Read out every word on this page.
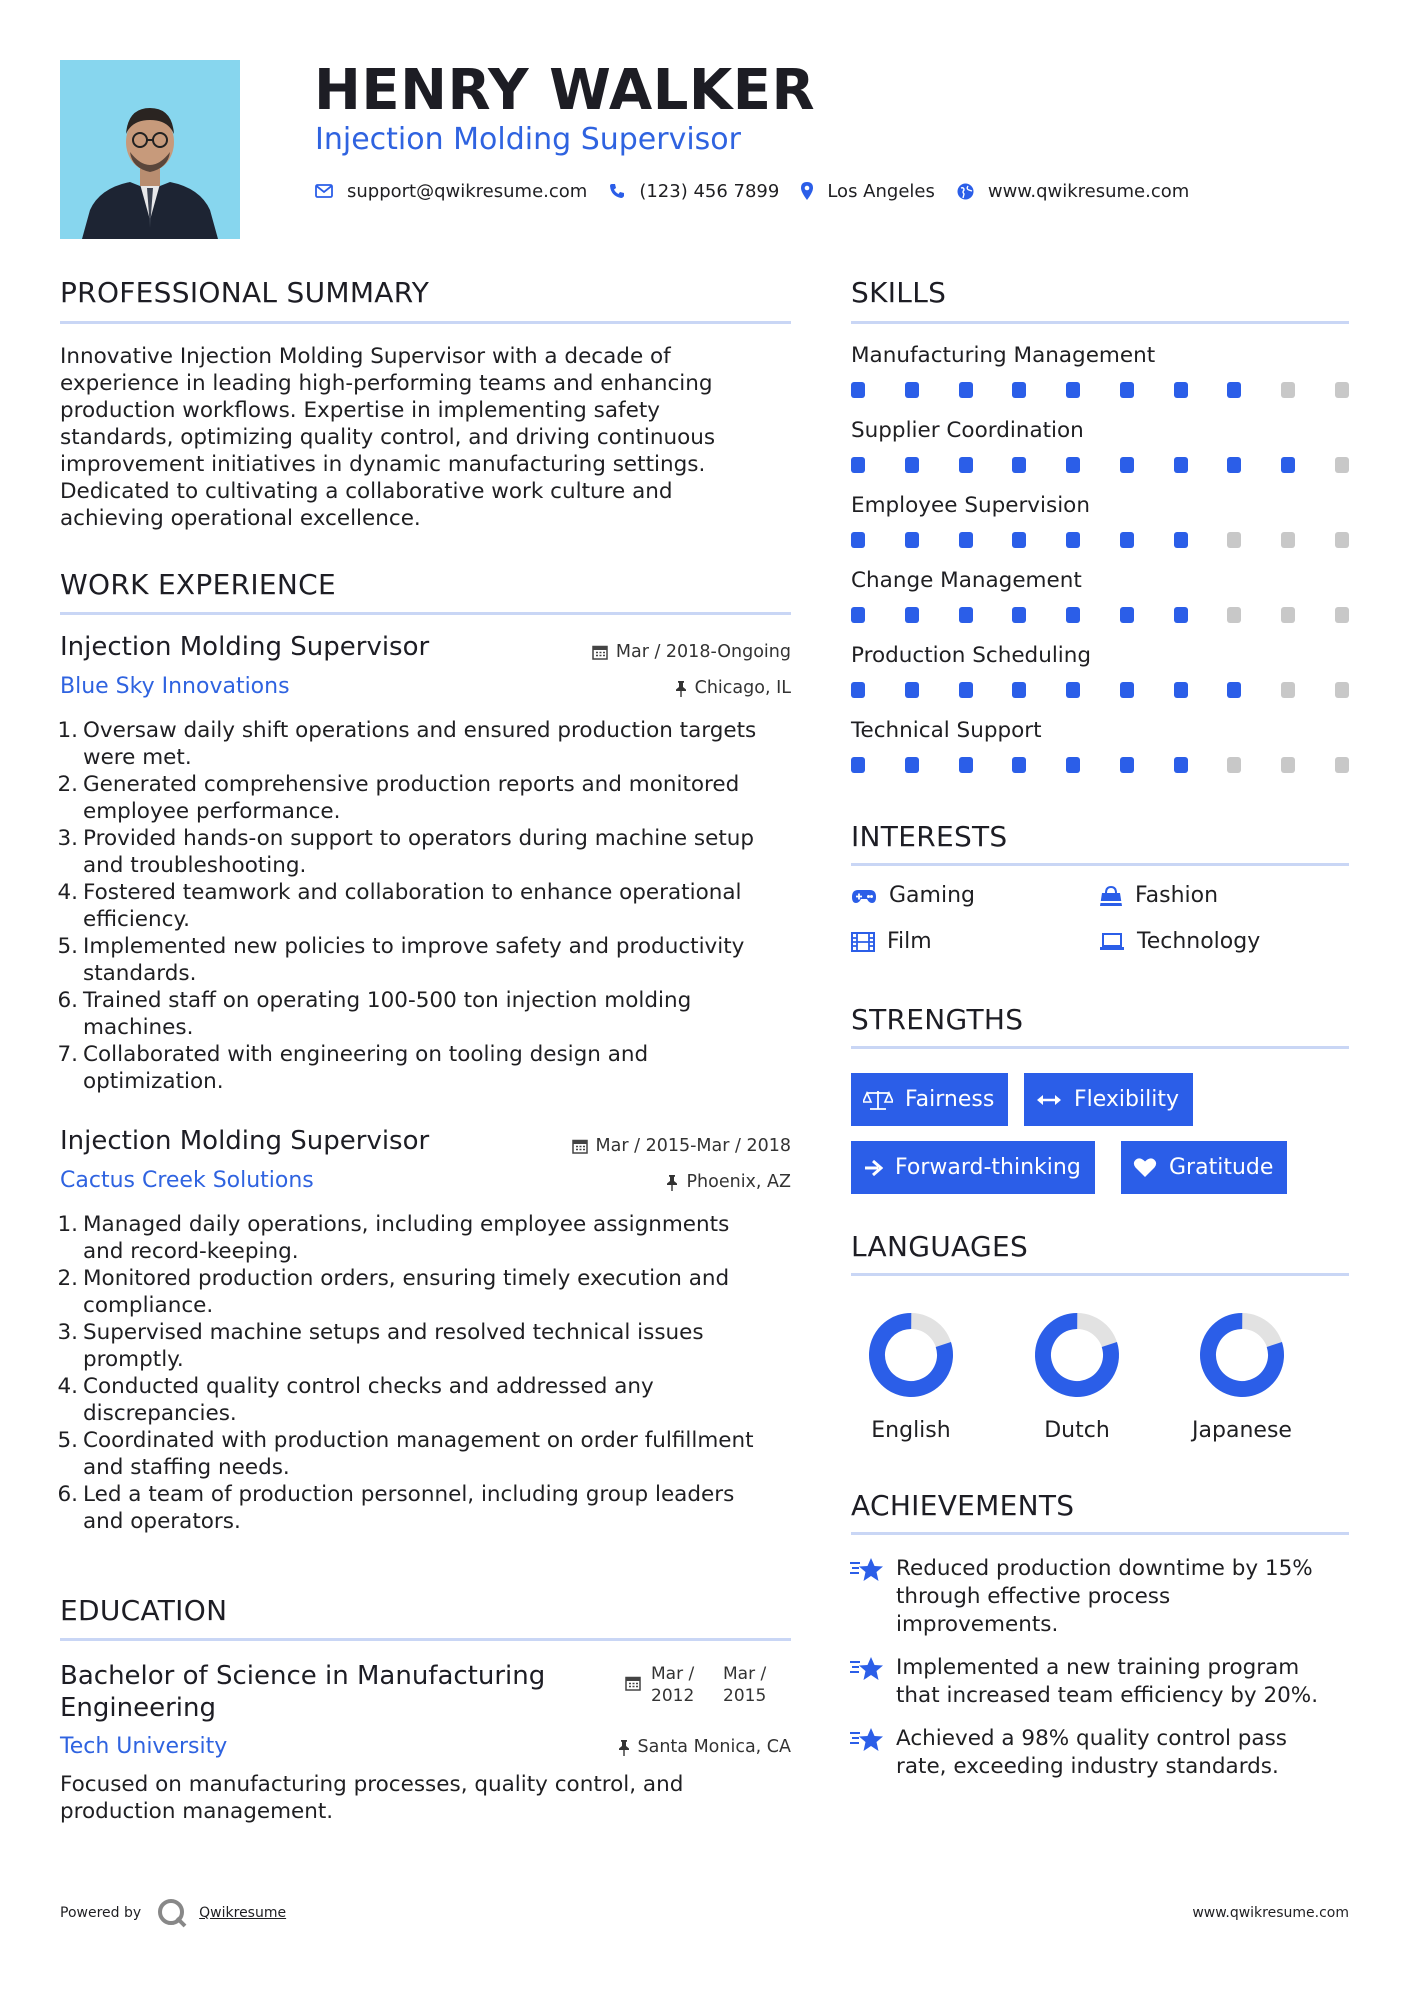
HENRY WALKER
Injection Molding Supervisor
support@qwikresume.com	(123) 456 7899	Los Angeles	www.qwikresume.com
PROFESSIONAL SUMMARY
Innovative Injection Molding Supervisor with a decade of
experience in leading high-performing teams and enhancing
production workflows. Expertise in implementing safety
standards, optimizing quality control, and driving continuous
improvement initiatives in dynamic manufacturing settings.
Dedicated to cultivating a collaborative work culture and
achieving operational excellence.
WORK EXPERIENCE
Injection Molding Supervisor
Blue Sky Innovations
Mar / 2018-Ongoing
Chicago, IL
1. Oversaw daily shift operations and ensured production targets
were met.
2. Generated comprehensive production reports and monitored
employee performance.
3. Provided hands-on support to operators during machine setup
and troubleshooting.
4. Fostered teamwork and collaboration to enhance operational
efficiency.
5. Implemented new policies to improve safety and productivity
standards.
6. Trained staff on operating 100-500 ton injection molding
machines.
7. Collaborated with engineering on tooling design and
optimization.
Injection Molding Supervisor
Cactus Creek Solutions
Mar / 2015-Mar / 2018
Phoenix, AZ
1. Managed daily operations, including employee assignments
and record-keeping.
2. Monitored production orders, ensuring timely execution and
compliance.
3. Supervised machine setups and resolved technical issues
promptly.
4. Conducted quality control checks and addressed any
discrepancies.
5. Coordinated with production management on order fulfillment
and staffing needs.
6. Led a team of production personnel, including group leaders
and operators.
EDUCATION
Bachelor of Science in Manufacturing
Engineering
Mar /
2012
Mar /
2015
Tech University	Santa Monica, CA
Focused on manufacturing processes, quality control, and
production management.
SKILLS
Manufacturing Management
Supplier Coordination
Employee Supervision
Change Management
Production Scheduling
Technical Support
INTERESTS
Gaming	Fashion
Film	Technology
STRENGTHS
Fairness	Flexibility
Forward-thinking	Gratitude
LANGUAGES
English	Dutch	Japanese
ACHIEVEMENTS
Reduced production downtime by 15%
through effective process
improvements.
Implemented a new training program
that increased team efficiency by 20%.
Achieved a 98% quality control pass
rate, exceeding industry standards.
Powered by	Qwikresume	www.qwikresume.com
